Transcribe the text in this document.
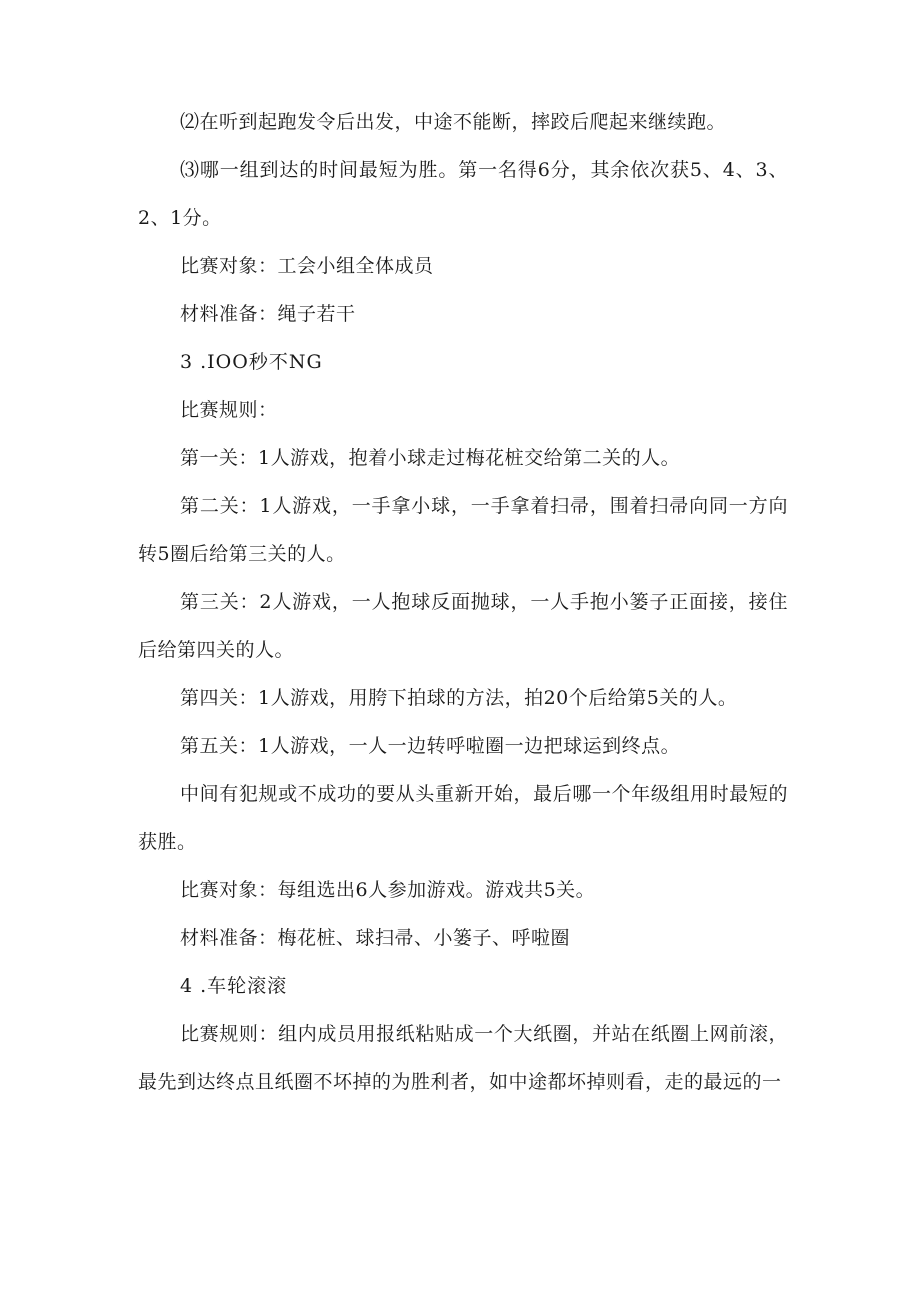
⑵在听到起跑发令后出发，中途不能断，摔跤后爬起来继续跑。

⑶哪一组到达的时间最短为胜。第一名得6分，其余依次获5、4、3、2、1分。

比赛对象：工会小组全体成员

材料准备：绳子若干

3 .IOO秒不NG

比赛规则：

第一关：1人游戏，抱着小球走过梅花桩交给第二关的人。

第二关：1人游戏，一手拿小球，一手拿着扫帚，围着扫帚向同一方向转5圈后给第三关的人。

第三关：2人游戏，一人抱球反面抛球，一人手抱小篓子正面接，接住后给第四关的人。

第四关：1人游戏，用胯下拍球的方法，拍20个后给第5关的人。

第五关：1人游戏，一人一边转呼啦圈一边把球运到终点。

中间有犯规或不成功的要从头重新开始，最后哪一个年级组用时最短的获胜。

比赛对象：每组选出6人参加游戏。游戏共5关。

材料准备：梅花桩、球扫帚、小篓子、呼啦圈

4 .车轮滚滚

比赛规则：组内成员用报纸粘贴成一个大纸圈，并站在纸圈上网前滚，最先到达终点且纸圈不坏掉的为胜利者，如中途都坏掉则看，走的最远的一
